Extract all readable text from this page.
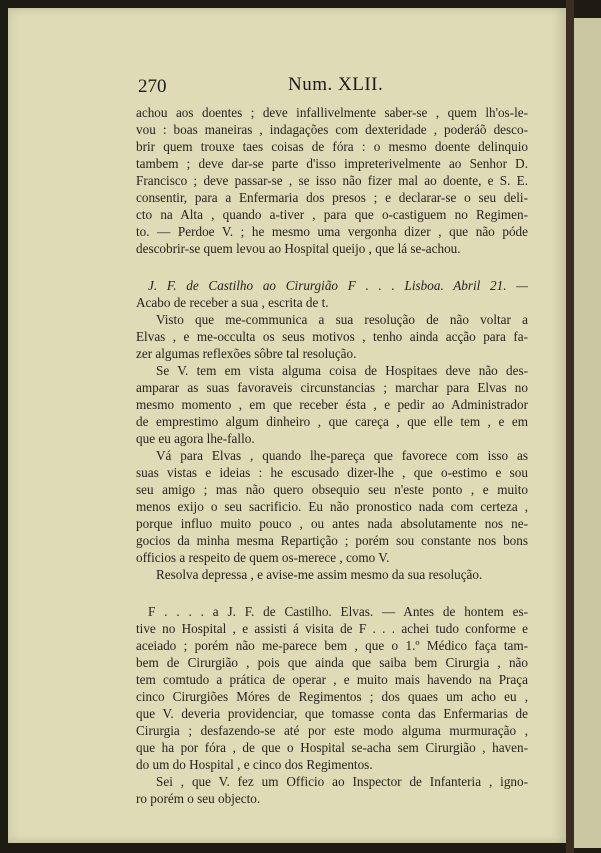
270	Num. XLII.
achou aos doentes ; deve infallivelmente saber-se , quem lh'os-le-
vou : boas maneiras , indagações com dexteridade , poderáõ desco-
brir quem trouxe taes coisas de fóra : o mesmo doente delinquio
tambem ; deve dar-se parte d'isso impreterivelmente ao Senhor D.
Francisco ; deve passar-se , se isso não fizer mal ao doente, e S. E.
consentir, para a Enfermaria dos presos ; e declarar-se o seu deli-
cto na Alta , quando a-tiver , para que o-castiguem no Regimen-
to. — Perdoe V. ; he mesmo uma vergonha dizer , que não póde
descobrir-se quem levou ao Hospital queijo , que lá se-achou.
J. F. de Castilho ao Cirurgião F . . . Lisboa. Abril 21. —
Acabo de receber a sua , escrita de t.
Visto que me-communica a sua resolução de não voltar a
Elvas , e me-occulta os seus motivos , tenho ainda acção para fa-
zer algumas reflexões sôbre tal resolução.
Se V. tem em vista alguma coisa de Hospitaes deve não des-
amparar as suas favoraveis circunstancias ; marchar para Elvas no
mesmo momento , em que receber ésta , e pedir ao Administrador
de emprestimo algum dinheiro , que careça , que elle tem , e em
que eu agora lhe-fallo.
Vá para Elvas , quando lhe-pareça que favorece com isso as
suas vistas e ideias : he escusado dizer-lhe , que o-estimo e sou
seu amigo ; mas não quero obsequio seu n'este ponto , e muito
menos exijo o seu sacrificio. Eu não pronostico nada com certeza ,
porque influo muito pouco , ou antes nada absolutamente nos ne-
gocios da minha mesma Repartição ; porém sou constante nos bons
officios a respeito de quem os-merece , como V.
Resolva depressa , e avise-me assim mesmo da sua resolução.
F . . . . a J. F. de Castilho. Elvas. — Antes de hontem es-
tive no Hospital , e assisti á visita de F . . . achei tudo conforme e
aceiado ; porém não me-parece bem , que o 1.º Médico faça tam-
bem de Cirurgião , pois que ainda que saiba bem Cirurgia , não
tem comtudo a prática de operar , e muito mais havendo na Praça
cinco Cirurgiões Móres de Regimentos ; dos quaes um acho eu ,
que V. deveria providenciar, que tomasse conta das Enfermarias de
Cirurgia ; desfazendo-se até por este modo alguma murmuração ,
que ha por fóra , de que o Hospital se-acha sem Cirurgião , haven-
do um do Hospital , e cinco dos Regimentos.
Sei , que V. fez um Officio ao Inspector de Infanteria , igno-
ro porém o seu objecto.
